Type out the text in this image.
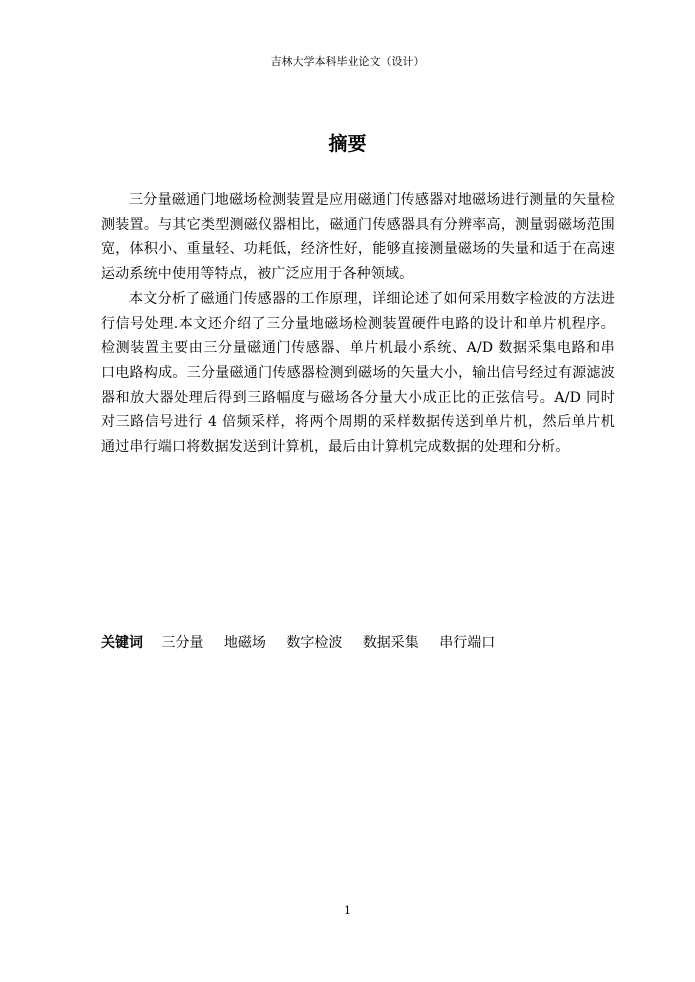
吉林大学本科毕业论文（设计）
摘要

三分量磁通门地磁场检测装置是应用磁通门传感器对地磁场进行测量的矢量检测装置。与其它类型测磁仪器相比，磁通门传感器具有分辨率高，测量弱磁场范围宽，体积小、重量轻、功耗低，经济性好，能够直接测量磁场的失量和适于在高速运动系统中使用等特点，被广泛应用于各种领域。

本文分析了磁通门传感器的工作原理，详细论述了如何采用数字检波的方法进行信号处理.本文还介绍了三分量地磁场检测装置硬件电路的设计和单片机程序。检测装置主要由三分量磁通门传感器、单片机最小系统、A/D 数据采集电路和串口电路构成。三分量磁通门传感器检测到磁场的矢量大小，输出信号经过有源滤波器和放大器处理后得到三路幅度与磁场各分量大小成正比的正弦信号。A/D 同时对三路信号进行 4 倍频采样，将两个周期的采样数据传送到单片机，然后单片机通过串行端口将数据发送到计算机，最后由计算机完成数据的处理和分析。

关键词 三分量 地磁场 数字检波 数据采集 串行端口
1
